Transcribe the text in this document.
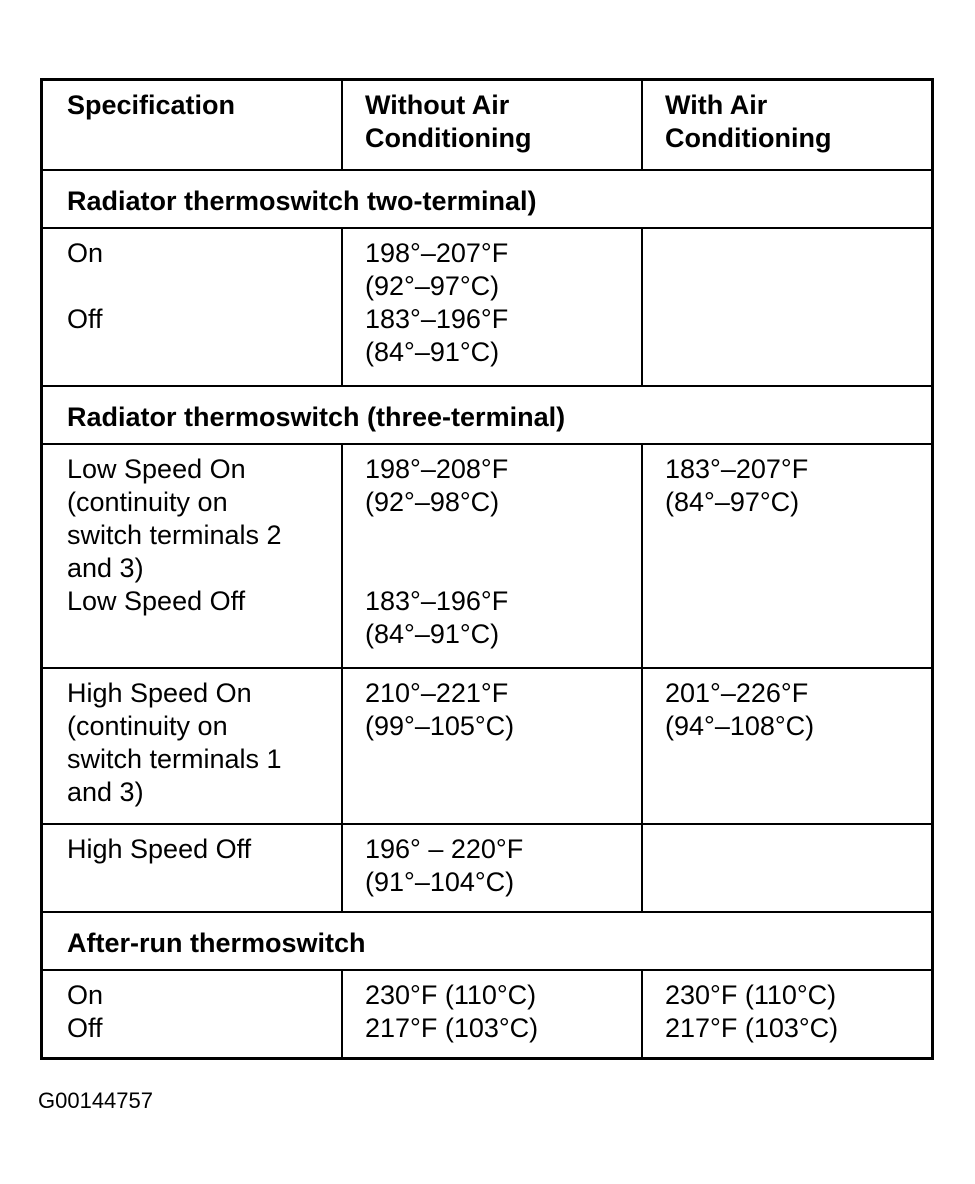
Specification	Without Air
Conditioning
With Air
Conditioning
Radiator thermoswitch two-terminal)
On

Off
198°–207°F
(92°–97°C)
183°–196°F
(84°–91°C)
Radiator thermoswitch (three-terminal)
Low Speed On
(continuity on
switch terminals 2
and 3)
Low Speed Off
198°–208°F
(92°–98°C)

183°–196°F
(84°–91°C)
183°–207°F
(84°–97°C)
High Speed On
(continuity on
switch terminals 1
and 3)
210°–221°F
(99°–105°C)
201°–226°F
(94°–108°C)
High Speed Off	196° – 220°F
(91°–104°C)
After-run thermoswitch
On
Off
230°F (110°C)
217°F (103°C)
230°F (110°C)
217°F (103°C)
G00144757
